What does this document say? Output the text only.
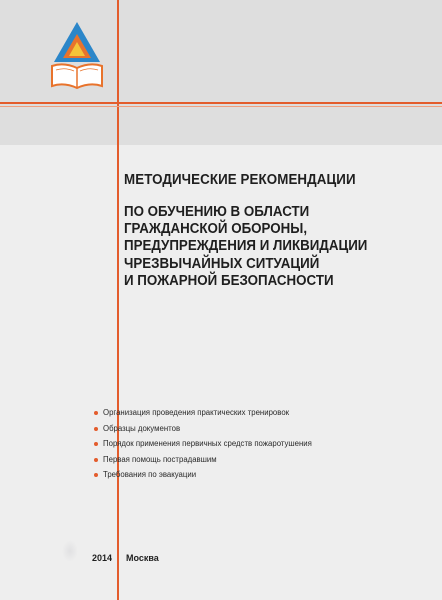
МЕТОДИЧЕСКИЕ РЕКОМЕНДАЦИИ
ПО ОБУЧЕНИЮ В ОБЛАСТИ
ГРАЖДАНСКОЙ ОБОРОНЫ,
ПРЕДУПРЕЖДЕНИЯ И ЛИКВИДАЦИИ
ЧРЕЗВЫЧАЙНЫХ СИТУАЦИЙ
И ПОЖАРНОЙ БЕЗОПАСНОСТИ
Организация проведения практических тренировок
Образцы документов
Порядок применения первичных средств пожаротушения
Первая помощь пострадавшим
Требования по эвакуации
2014 Москва
